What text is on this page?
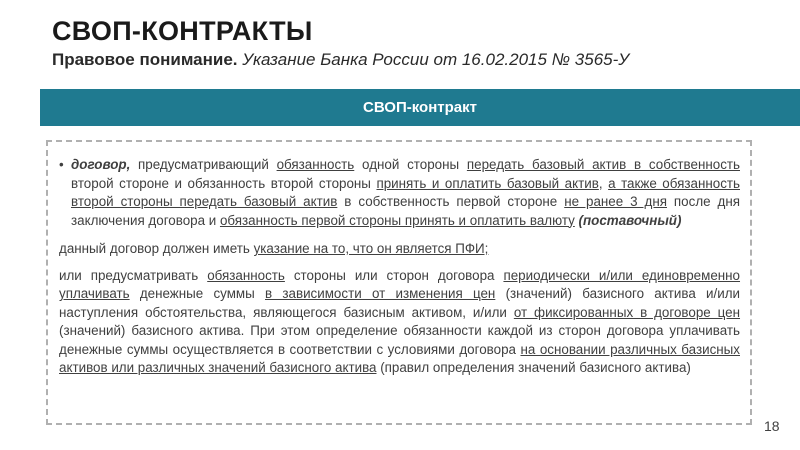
СВОП-КОНТРАКТЫ
Правовое понимание. Указание Банка России от 16.02.2015 № 3565-У
СВОП-контракт

• договор, предусматривающий обязанность одной стороны передать базовый актив в собственность второй стороне и обязанность второй стороны принять и оплатить базовый актив, а также обязанность второй стороны передать базовый актив в собственность первой стороне не ранее 3 дня после дня заключения договора и обязанность первой стороны принять и оплатить валюту (поставочный)

данный договор должен иметь указание на то, что он является ПФИ;

или предусматривать обязанность стороны или сторон договора периодически и/или единовременно уплачивать денежные суммы в зависимости от изменения цен (значений) базисного актива и/или наступления обстоятельства, являющегося базисным активом, и/или от фиксированных в договоре цен (значений) базисного актива. При этом определение обязанности каждой из сторон договора уплачивать денежные суммы осуществляется в соответствии с условиями договора на основании различных базисных активов или различных значений базисного актива (правил определения значений базисного актива)

18
